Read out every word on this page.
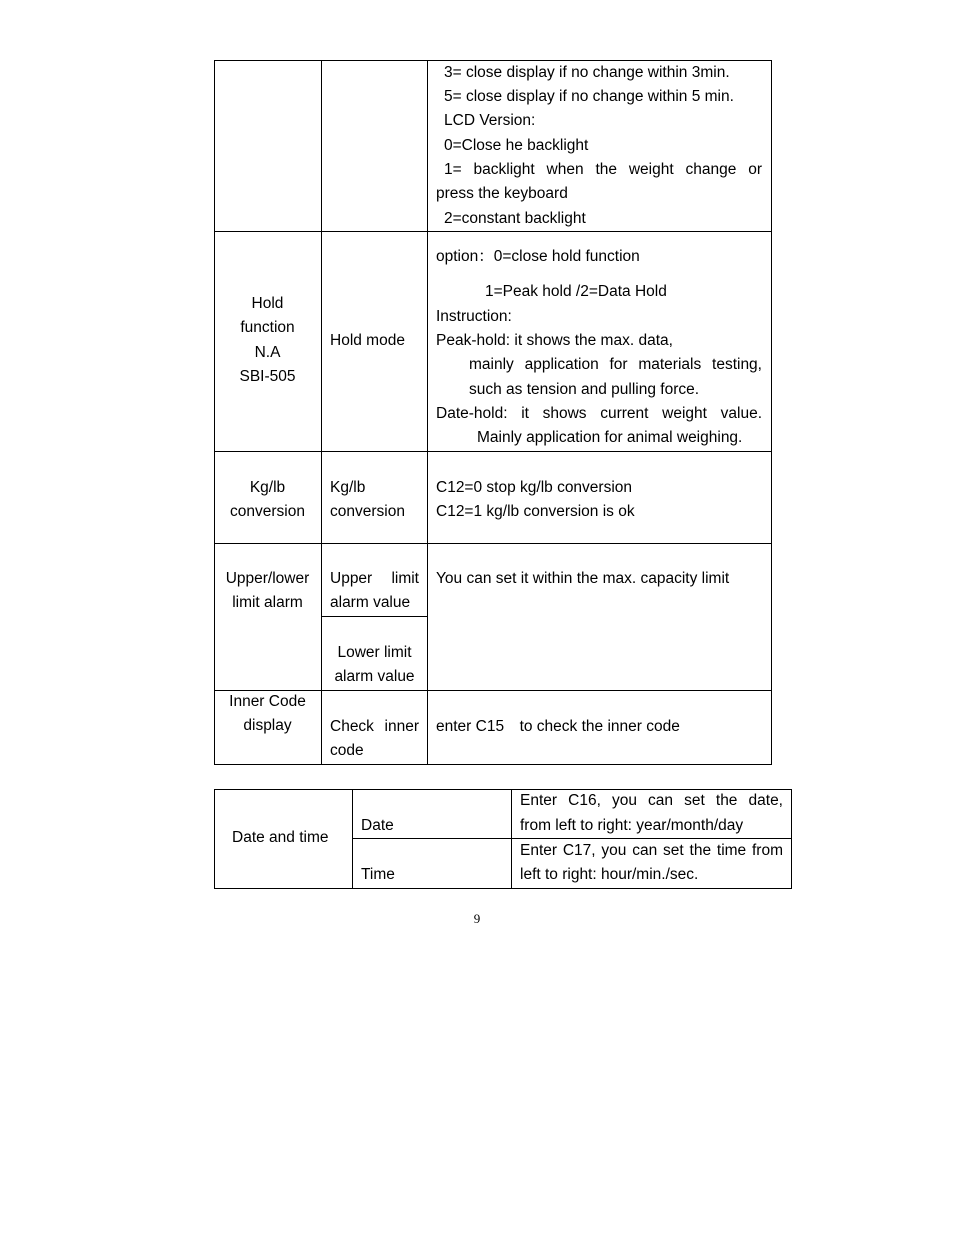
3= close display if no change within 3min.
5= close display if no change within 5 min.
LCD Version:
0=Close he backlight
1= backlight when the weight change or
press the keyboard
2=constant backlight
Hold
function
N.A
SBI-505
Hold mode
option：0=close hold function
1=Peak hold /2=Data Hold
Instruction:
Peak-hold: it shows the max. data,
mainly application for materials testing,
such as tension and pulling force.
Date-hold: it shows current weight value.
Mainly application for animal weighing.
Kg/lb
conversion
Kg/lb
conversion
C12=0 stop kg/lb conversion
C12=1 kg/lb conversion is ok
Upper/lower
limit alarm
Upper limit
alarm value
Lower limit
alarm value
You can set it within the max. capacity limit
Inner Code
display	Check inner
code
enter C15　to check the inner code
Date and time
Date
Enter C16, you can set the date,
from left to right: year/month/day
Time
Enter C17, you can set the time from
left to right: hour/min./sec.
9
